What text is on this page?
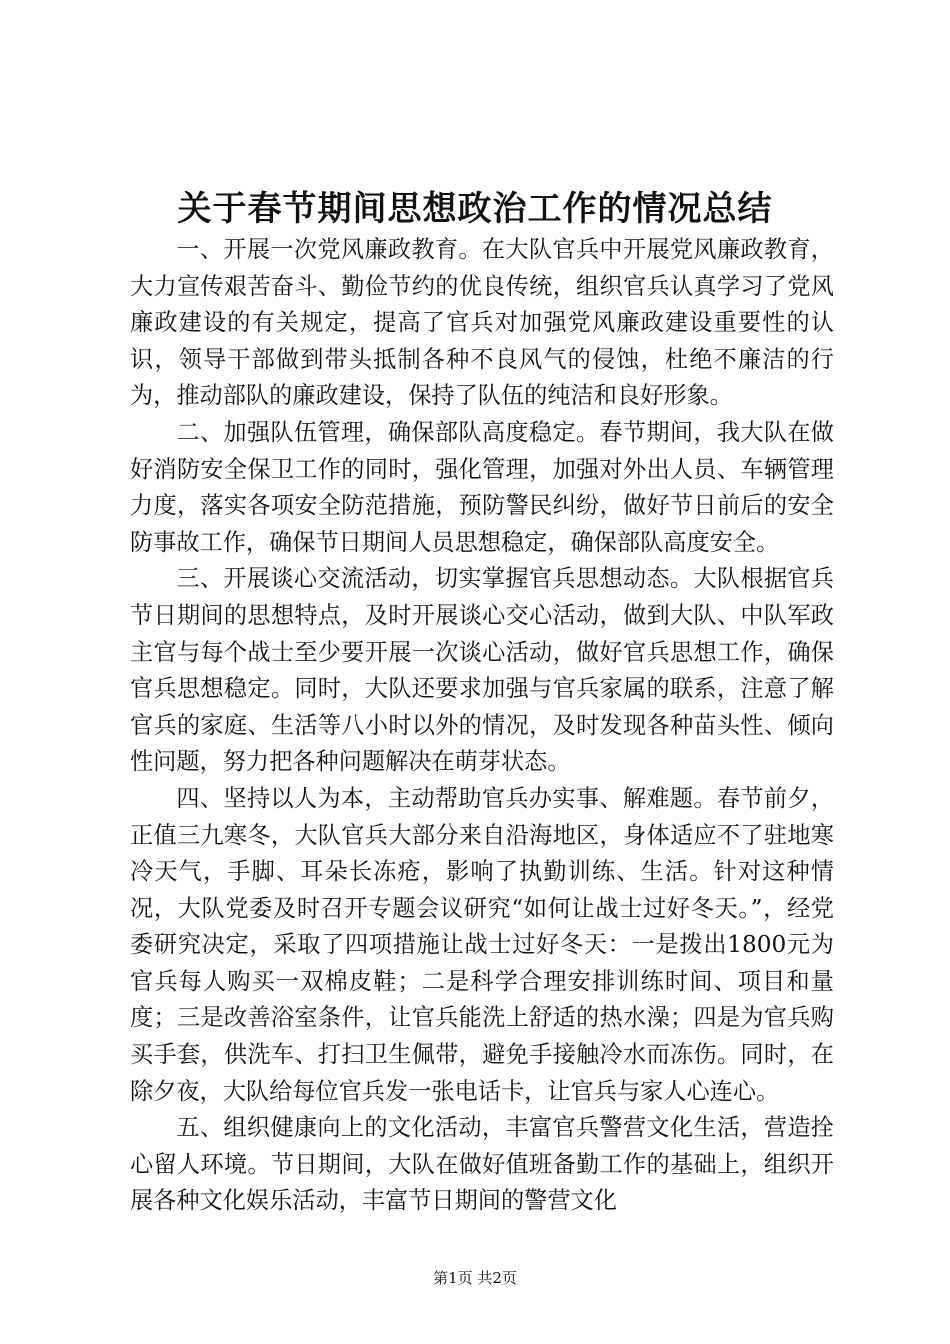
关于春节期间思想政治工作的情况总结

一、开展一次党风廉政教育。在大队官兵中开展党风廉政教育，大力宣传艰苦奋斗、勤俭节约的优良传统，组织官兵认真学习了党风廉政建设的有关规定，提高了官兵对加强党风廉政建设重要性的认识，领导干部做到带头抵制各种不良风气的侵蚀，杜绝不廉洁的行为，推动部队的廉政建设，保持了队伍的纯洁和良好形象。

二、加强队伍管理，确保部队高度稳定。春节期间，我大队在做好消防安全保卫工作的同时，强化管理，加强对外出人员、车辆管理力度，落实各项安全防范措施，预防警民纠纷，做好节日前后的安全防事故工作，确保节日期间人员思想稳定，确保部队高度安全。

三、开展谈心交流活动，切实掌握官兵思想动态。大队根据官兵节日期间的思想特点，及时开展谈心交心活动，做到大队、中队军政主官与每个战士至少要开展一次谈心活动，做好官兵思想工作，确保官兵思想稳定。同时，大队还要求加强与官兵家属的联系，注意了解官兵的家庭、生活等八小时以外的情况，及时发现各种苗头性、倾向性问题，努力把各种问题解决在萌芽状态。

四、坚持以人为本，主动帮助官兵办实事、解难题。春节前夕，正值三九寒冬，大队官兵大部分来自沿海地区，身体适应不了驻地寒冷天气，手脚、耳朵长冻疮，影响了执勤训练、生活。针对这种情况，大队党委及时召开专题会议研究“如何让战士过好冬天。”，经党委研究决定，采取了四项措施让战士过好冬天：一是拨出1800元为官兵每人购买一双棉皮鞋；二是科学合理安排训练时间、项目和量度；三是改善浴室条件，让官兵能洗上舒适的热水澡；四是为官兵购买手套，供洗车、打扫卫生佩带，避免手接触冷水而冻伤。同时，在除夕夜，大队给每位官兵发一张电话卡，让官兵与家人心连心。

五、组织健康向上的文化活动，丰富官兵警营文化生活，营造拴心留人环境。节日期间，大队在做好值班备勤工作的基础上，组织开展各种文化娱乐活动，丰富节日期间的警营文化

第1页 共2页
